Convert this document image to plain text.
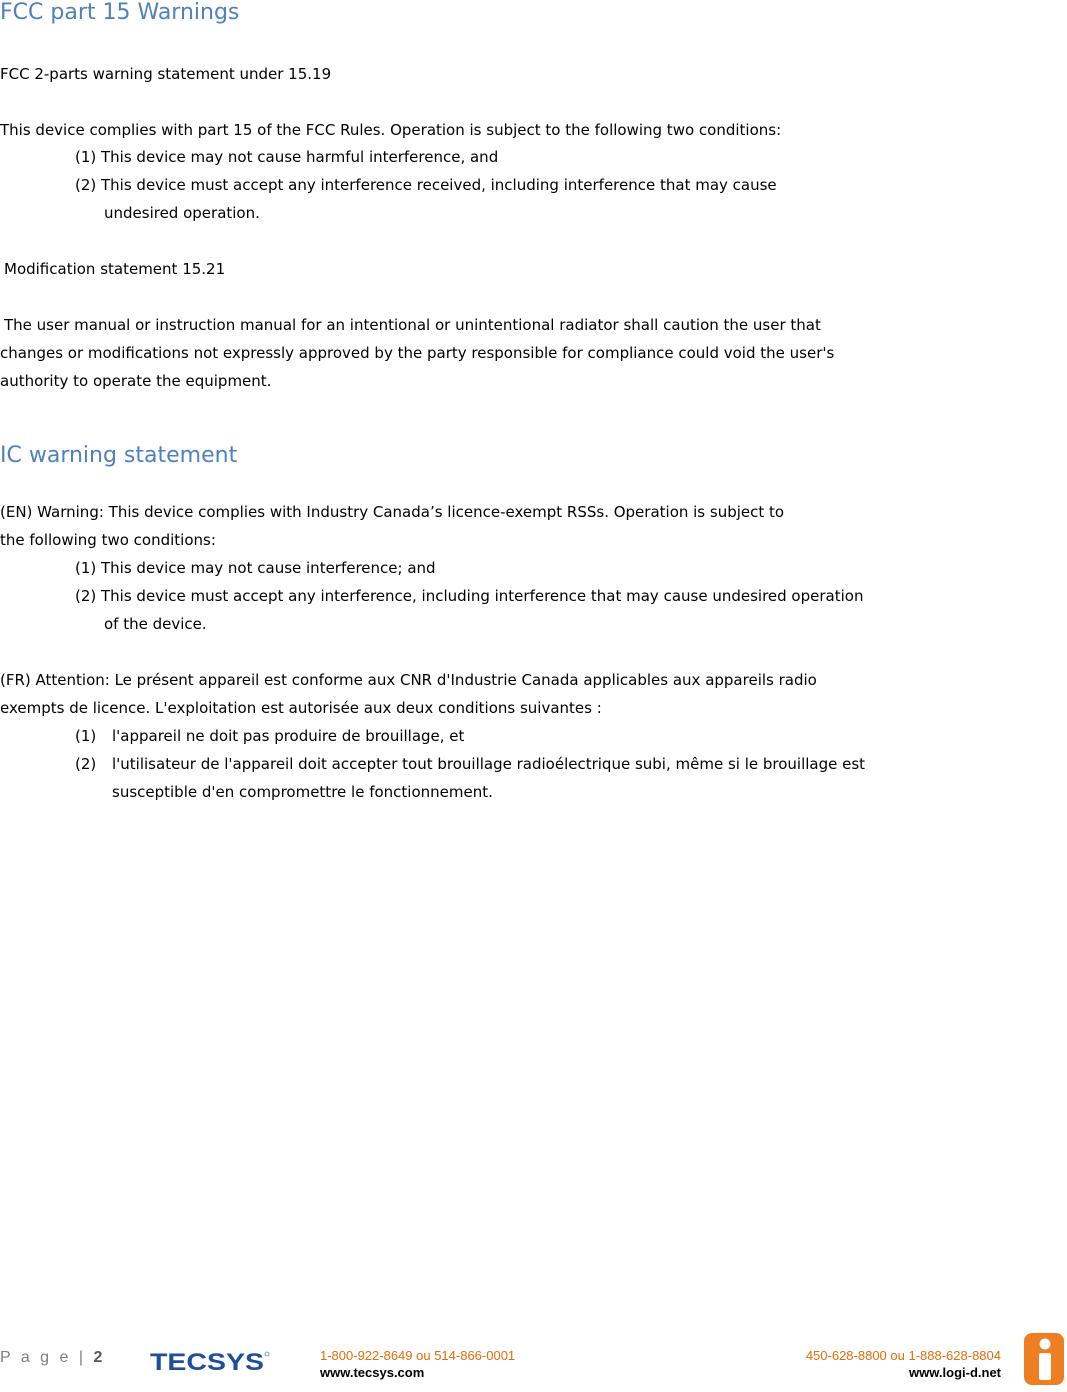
FCC part 15 Warnings

FCC 2-parts warning statement under 15.19

This device complies with part 15 of the FCC Rules. Operation is subject to the following two conditions:

(1) This device may not cause harmful interference, and

(2) This device must accept any interference received, including interference that may cause

undesired operation.

Modification statement 15.21

The user manual or instruction manual for an intentional or unintentional radiator shall caution the user that

changes or modifications not expressly approved by the party responsible for compliance could void the user's

authority to operate the equipment.

IC warning statement

(EN) Warning: This device complies with Industry Canada’s licence-exempt RSSs. Operation is subject to

the following two conditions:

(1) This device may not cause interference; and

(2) This device must accept any interference, including interference that may cause undesired operation

of the device.

(FR) Attention: Le présent appareil est conforme aux CNR d'Industrie Canada applicables aux appareils radio

exempts de licence. L'exploitation est autorisée aux deux conditions suivantes :

(1) l'appareil ne doit pas produire de brouillage, et

(2) l'utilisateur de l'appareil doit accepter tout brouillage radioélectrique subi, même si le brouillage est

susceptible d'en compromettre le fonctionnement.

P a g e | 2 TECSYS	1-800-922-8649 ou 514-866-0001
www.tecsys.com
450-628-8800 ou 1-888-628-8804
www.logi-d.net
